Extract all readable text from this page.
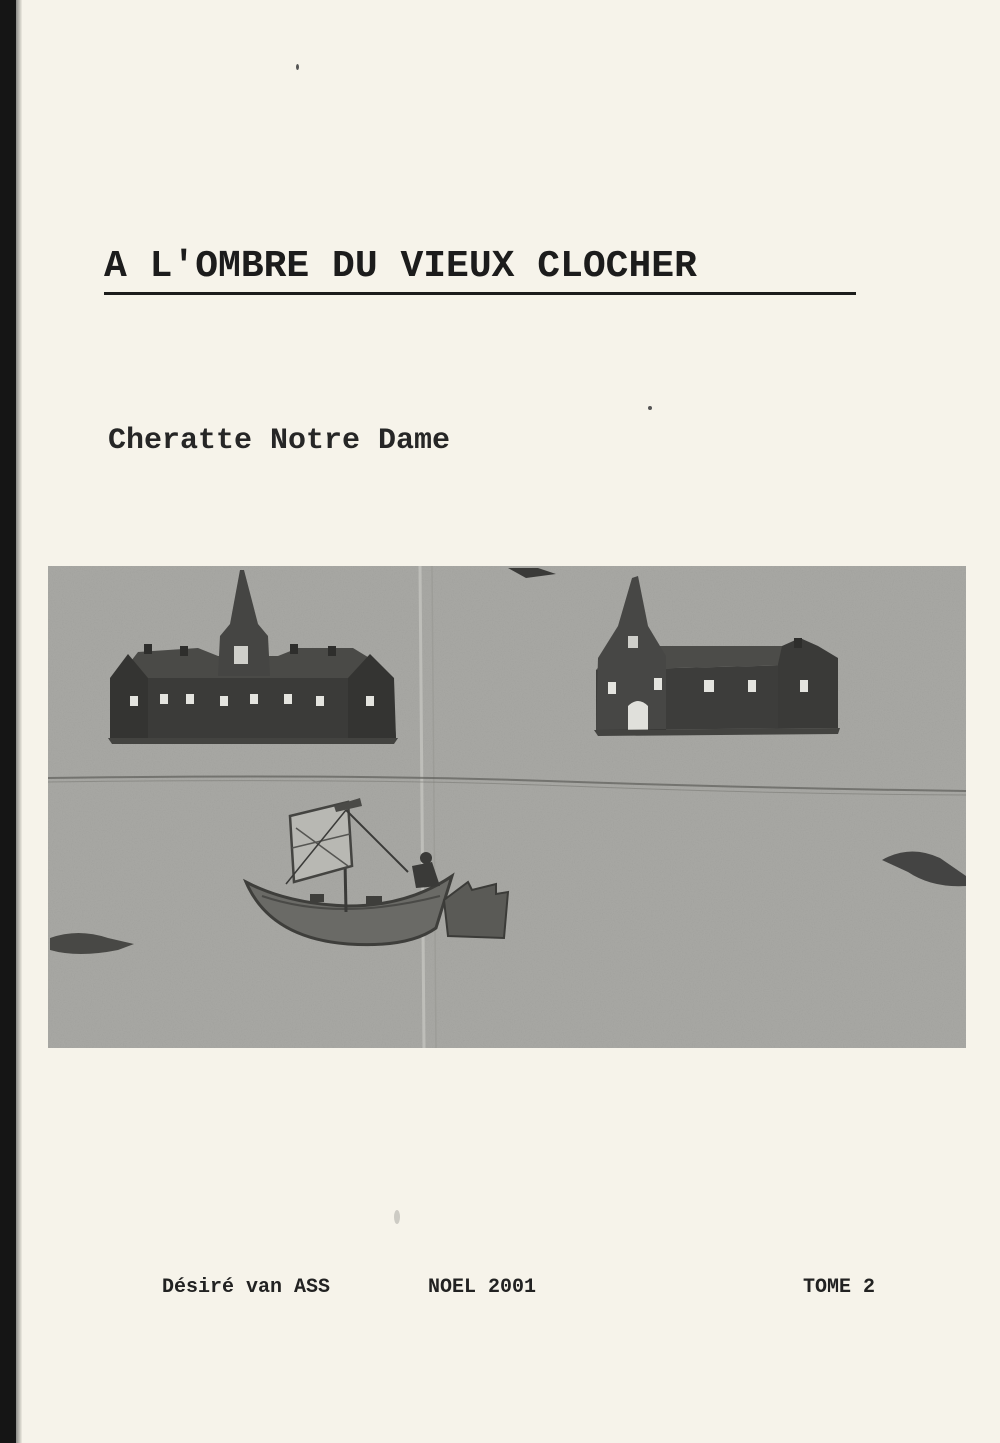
A L'OMBRE DU VIEUX CLOCHER
Cheratte Notre Dame
Désiré van ASS	NOEL 2001	TOME 2
